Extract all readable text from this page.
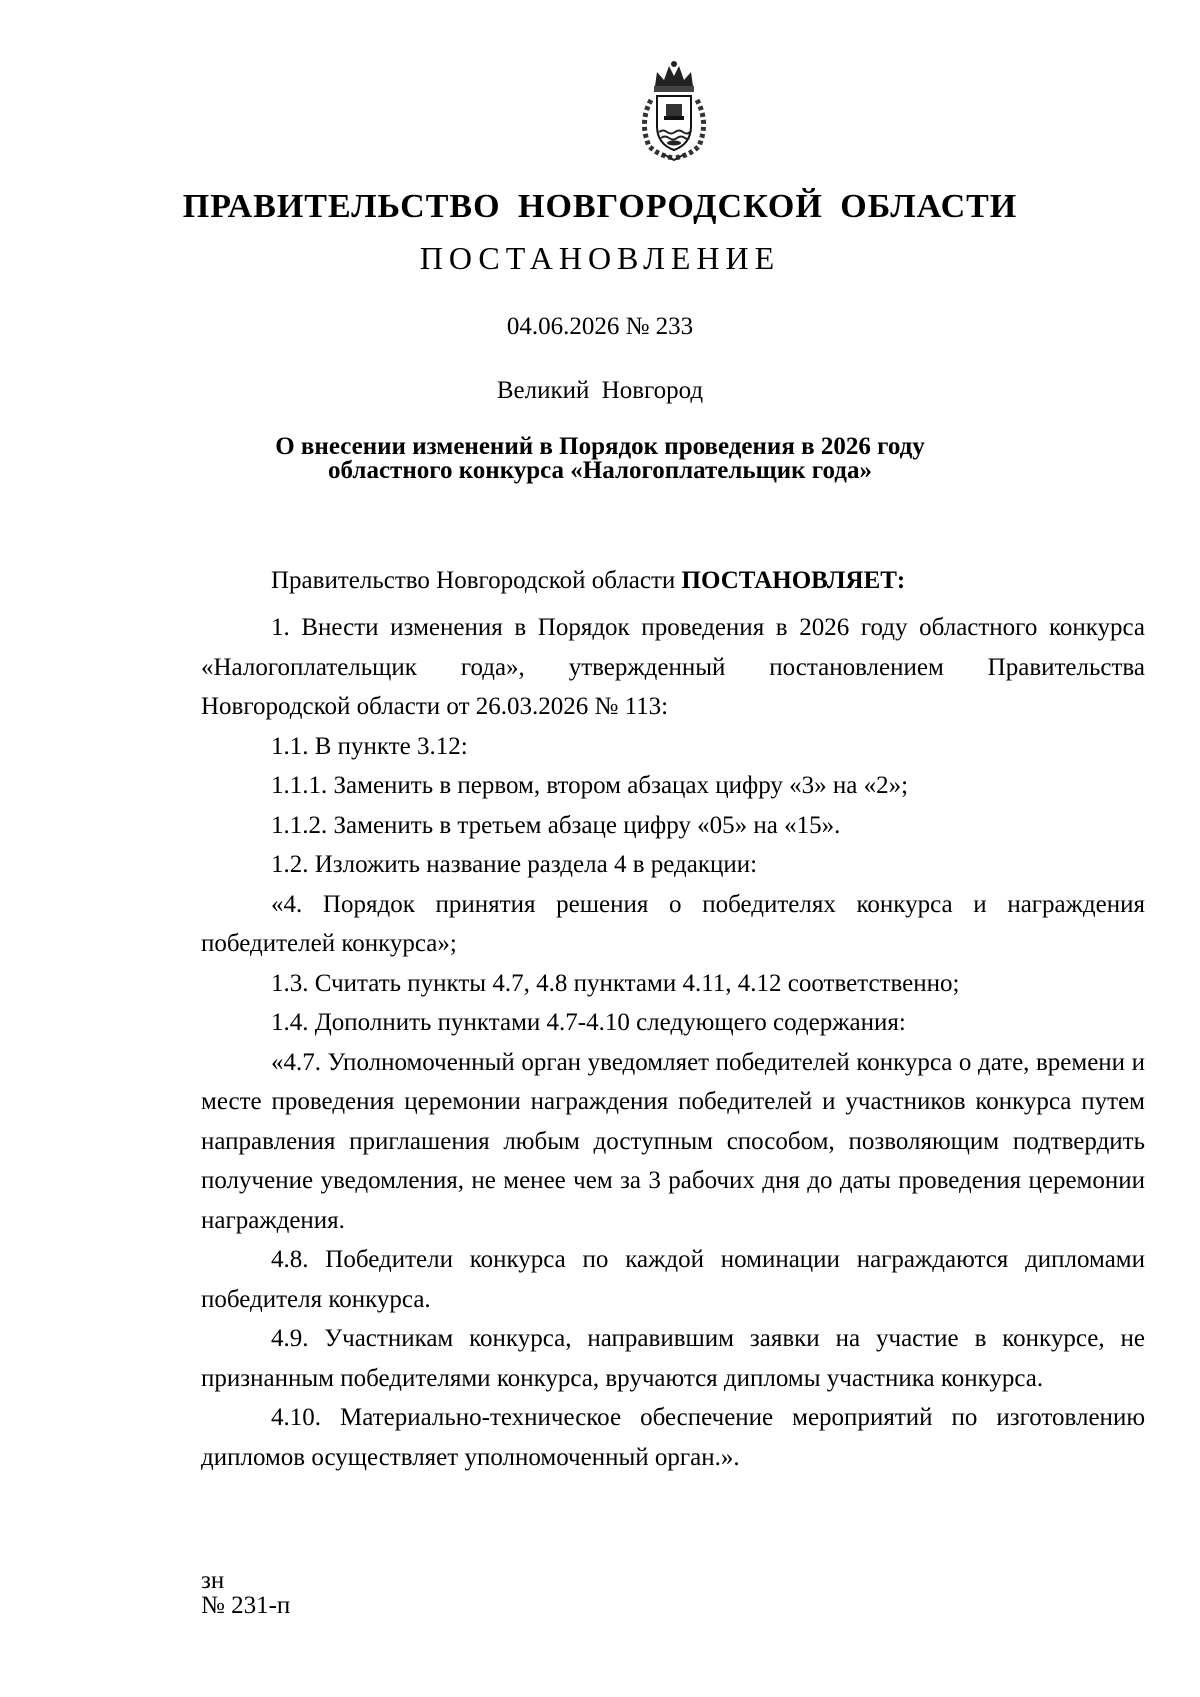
ПРАВИТЕЛЬСТВО НОВГОРОДСКОЙ ОБЛАСТИ
ПОСТАНОВЛЕНИЕ
04.06.2026 № 233
Великий Новгород
О внесении изменений в Порядок проведения в 2026 году
областного конкурса «Налогоплательщик года»
Правительство Новгородской области ПОСТАНОВЛЯЕТ:

1. Внести изменения в Порядок проведения в 2026 году областного конкурса «Налогоплательщик года», утвержденный постановлением Правительства Новгородской области от 26.03.2026 № 113:

1.1. В пункте 3.12:

1.1.1. Заменить в первом, втором абзацах цифру «3» на «2»;

1.1.2. Заменить в третьем абзаце цифру «05» на «15».

1.2. Изложить название раздела 4 в редакции:

«4. Порядок принятия решения о победителях конкурса и награждения победителей конкурса»;

1.3. Считать пункты 4.7, 4.8 пунктами 4.11, 4.12 соответственно;

1.4. Дополнить пунктами 4.7-4.10 следующего содержания:

«4.7. Уполномоченный орган уведомляет победителей конкурса о дате, времени и месте проведения церемонии награждения победителей и участников конкурса путем направления приглашения любым доступным способом, позволяющим подтвердить получение уведомления, не менее чем за 3 рабочих дня до даты проведения церемонии награждения.

4.8. Победители конкурса по каждой номинации награждаются дипломами победителя конкурса.

4.9. Участникам конкурса, направившим заявки на участие в конкурсе, не признанным победителями конкурса, вручаются дипломы участника конкурса.

4.10. Материально-техническое обеспечение мероприятий по изготовлению дипломов осуществляет уполномоченный орган.».

зн
№ 231-п
